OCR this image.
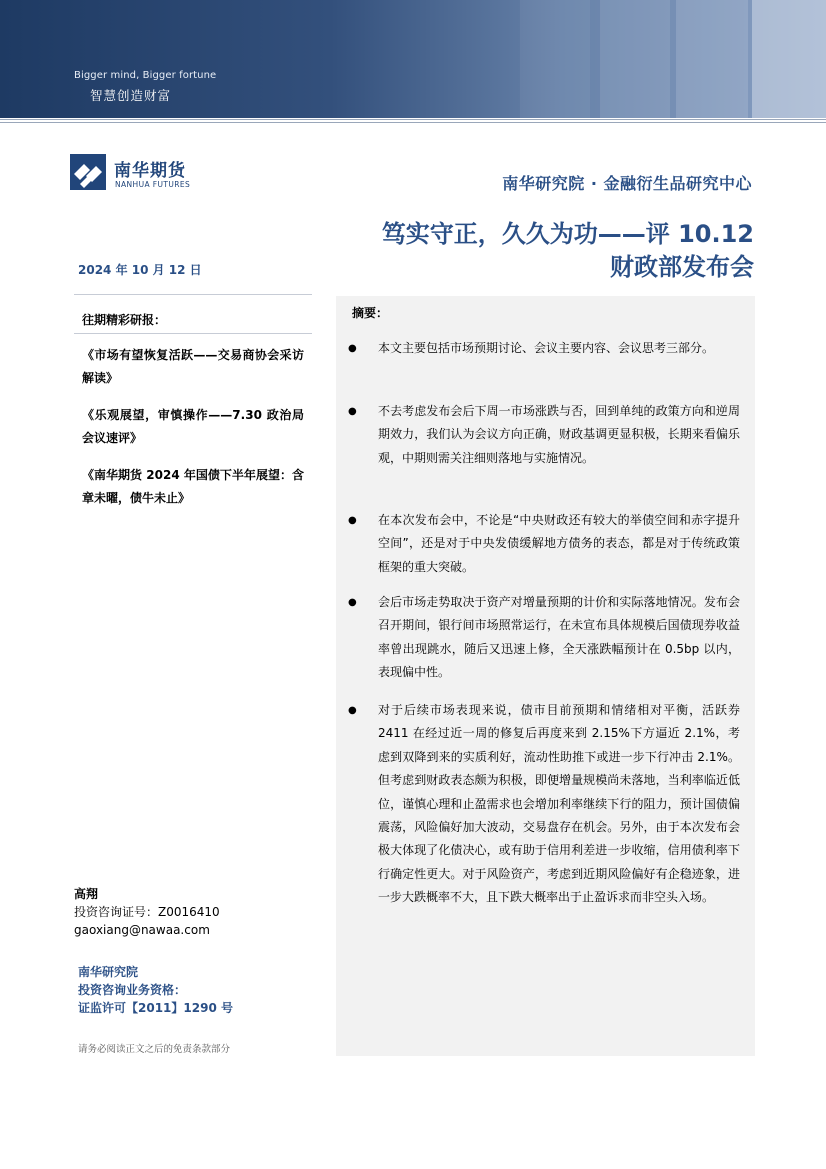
Bigger mind, Bigger fortune
智慧创造财富
南华期货
NANHUA FUTURES	南华研究院 · 金融衍生品研究中心
笃实守正，久久为功——评 10.12
财政部发布会
2024 年 10 月 12 日
往期精彩研报：
《市场有望恢复活跃——交易商协会采访解读》
《乐观展望，审慎操作——7.30 政治局会议速评》
《南华期货 2024 年国债下半年展望：含章未曜，债牛未止》
摘要：
● 本文主要包括市场预期讨论、会议主要内容、会议思考三部分。
● 不去考虑发布会后下周一市场涨跌与否，回到单纯的政策方向和逆周期效力，我们认为会议方向正确，财政基调更显积极，长期来看偏乐观，中期则需关注细则落地与实施情况。
● 在本次发布会中，不论是“中央财政还有较大的举债空间和赤字提升空间”，还是对于中央发债缓解地方债务的表态，都是对于传统政策框架的重大突破。
● 会后市场走势取决于资产对增量预期的计价和实际落地情况。发布会召开期间，银行间市场照常运行，在未宣布具体规模后国债现券收益率曾出现跳水，随后又迅速上修，全天涨跌幅预计在 0.5bp 以内，表现偏中性。
● 对于后续市场表现来说，债市目前预期和情绪相对平衡，活跃券 2411 在经过近一周的修复后再度来到 2.15%下方逼近 2.1%，考虑到双降到来的实质利好，流动性助推下或进一步下行冲击 2.1%。但考虑到财政表态颇为积极，即便增量规模尚未落地，当利率临近低位，谨慎心理和止盈需求也会增加利率继续下行的阻力，预计国债偏震荡，风险偏好加大波动，交易盘存在机会。另外，由于本次发布会极大体现了化债决心，或有助于信用利差进一步收缩，信用债利率下行确定性更大。对于风险资产，考虑到近期风险偏好有企稳迹象，进一步大跌概率不大，且下跌大概率出于止盈诉求而非空头入场。
高翔
投资咨询证号：Z0016410
gaoxiang@nawaa.com
南华研究院
投资咨询业务资格：
证监许可【2011】1290 号
请务必阅读正文之后的免责条款部分
